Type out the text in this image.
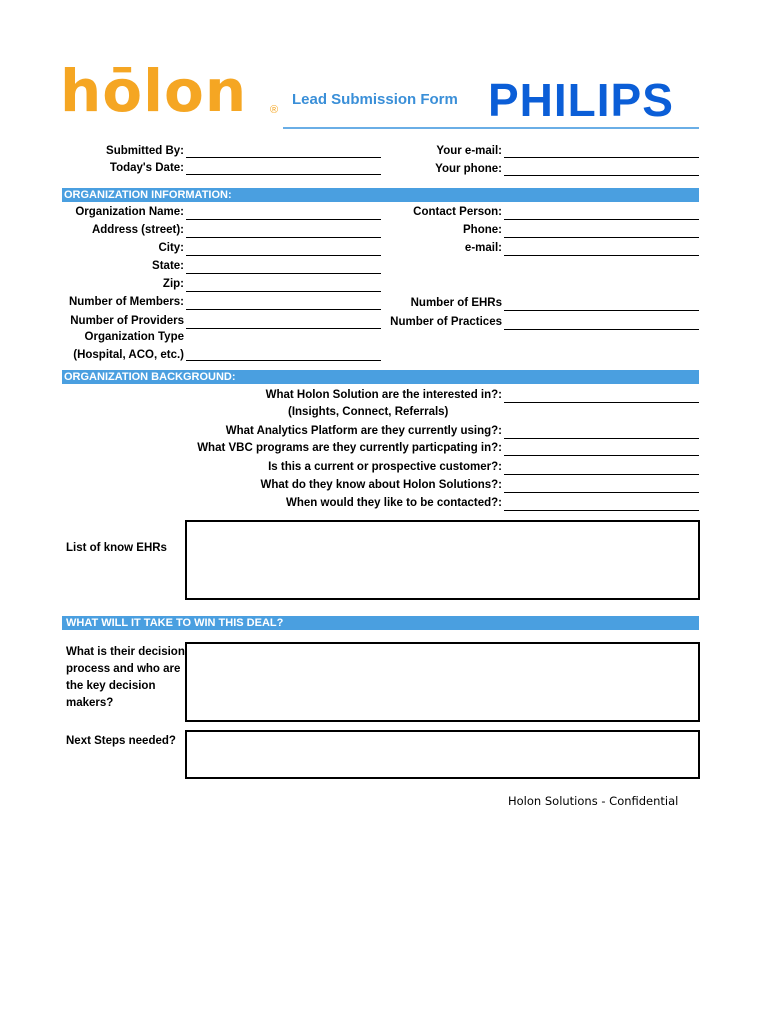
hōlon ®
Lead Submission Form PHILIPS
Submitted By:
Today's Date:
Your e-mail:
Your phone:
ORGANIZATION INFORMATION:
Organization Name:
Address (street):
City:
State:
Zip:
Number of Members:
Number of Providers
Organization Type
(Hospital, ACO, etc.)
Contact Person:
Phone:
e-mail:
Number of EHRs
Number of Practices
ORGANIZATION BACKGROUND:
What Holon Solution are the interested in?:
(Insights, Connect, Referrals)
What Analytics Platform are they currently using?:
What VBC programs are they currently particpating in?:
Is this a current or prospective customer?:
What do they know about Holon Solutions?:
When would they like to be contacted?:
List of know EHRs
WHAT WILL IT TAKE TO WIN THIS DEAL?
What is their decision
process and who are
the key decision
makers?
Next Steps needed?
Holon Solutions - Confidential
